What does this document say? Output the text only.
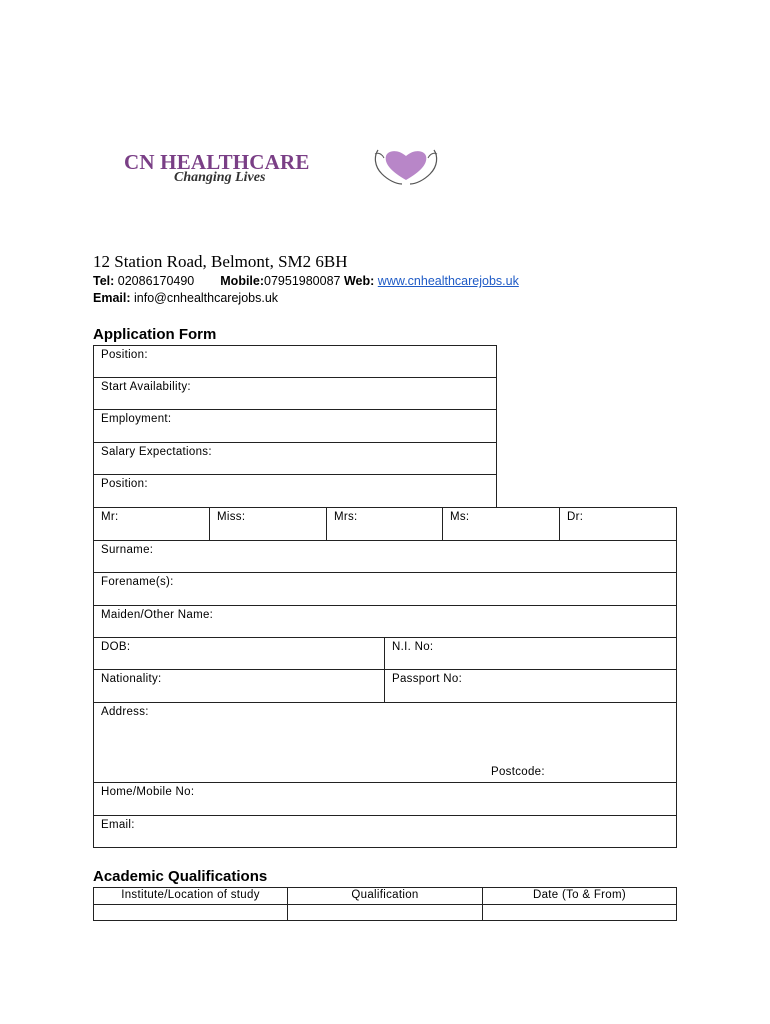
CN HEALTHCARE
Changing Lives
12 Station Road, Belmont, SM2 6BH
Tel: 02086170490 Mobile:07951980087 Web: www.cnhealthcarejobs.uk
Email: info@cnhealthcarejobs.uk
Application Form
Position:
Start Availability:
Employment:
Salary Expectations:
Position:
Mr:	Miss:	Mrs:	Ms:	Dr:
Surname:
Forename(s):
Maiden/Other Name:
DOB:	N.I. No:
Nationality:	Passport No:
Address:
Postcode:
Home/Mobile No:
Email:
Academic Qualifications
Institute/Location of study	Qualification	Date (To & From)
